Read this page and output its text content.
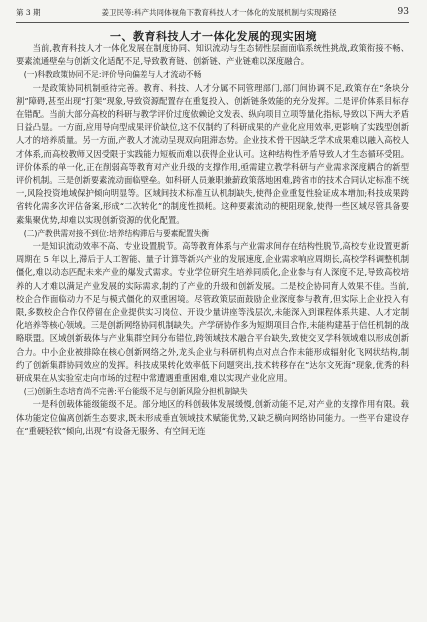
第 3 期	姜卫民等:科产共同体视角下教育科技人才一体化的发展机制与实现路径	93
一、教育科技人才一体化发展的现实困境

当前,教育科技人才一体化发展在制度协同、知识流动与生态韧性层面面临系统性挑战,政策衔接不畅、要素流通壁垒与创新文化适配不足,导致教育链、创新链、产业链难以深度融合。

(一)科教政策协同不足:评价导向偏差与人才流动不畅

一是政策协同机制亟待完善。教育、科技、人才分属不同管理部门,部门间协调不足,政策存在“条块分割”障碍,甚至出现“打架”现象,导致资源配置存在重复投入、创新链条效能的充分发挥。二是评价体系目标存在错配。当前大部分高校的科研与教学评价过度依赖论文发表、纵向项目立项等量化指标,导致以下两大矛盾日益凸显。一方面,应用导向型成果评价缺位,这不仅制约了科研成果的产业化应用效率,更影响了实践型创新人才的培养质量。另一方面,产教人才流动呈现双向阻滞态势。企业技术骨干因缺乏学术成果难以融入高校人才体系,而高校教师又因受限于实践能力短板而难以获得企业认可。这种结构性矛盾导致人才生态循环受阻。评价体系的单一化,正在削弱高等教育对产业升级的支撑作用,亟需建立教学科研与产业需求深度耦合的新型评价机制。三是创新要素流动面临壁垒。如科研人员兼职兼薪政策落地困难,跨省市的技术合同认定标准不统一,风险投资地域保护倾向明显等。区域间技术标准互认机制缺失,使得企业重复性验证成本增加;科技成果跨省转化需多次评估备案,形成“二次转化”的制度性损耗。这种要素流动的梗阻现象,使得一些区域尽管具备要素集聚优势,却难以实现创新资源的优化配置。

(二)产教供需对接不到位:培养结构滞后与要素配置失衡

一是知识流动效率不高、专业设置脱节。高等教育体系与产业需求间存在结构性脱节,高校专业设置更新周期在 5 年以上,滞后于人工智能、量子计算等新兴产业的发展速度,企业需求响应周期长,高校学科调整机制僵化,难以动态匹配未来产业的爆发式需求。专业学位研究生培养同质化,企业参与有人深度不足,导致高校培养的人才难以满足产业发展的实际需求,制约了产业的升级和创新发展。二是校企协同育人效果不佳。当前,校企合作面临动力不足与模式僵化的双重困境。尽管政策层面鼓励企业深度参与教育,但实际上企业投入有限,多数校企合作仅停留在企业提供实习岗位、开设少量讲座等浅层次,未能深入到课程体系共建、人才定制化培养等核心领域。三是创新网络协同机制缺失。产学研协作多为短期项目合作,未能构建基于信任机制的战略联盟。区域创新载体与产业集群空间分布错位,跨领域技术融合平台缺失,致使交叉学科领域难以形成创新合力。中小企业被排除在核心创新网络之外,龙头企业与科研机构点对点合作未能形成辐射化飞网状结构,制约了创新集群协同效应的发挥。科技成果转化效率低下问题突出,技术转移存在“达尔文死海”现象,优秀的科研成果在从实验室走向市场的过程中常遭遇重重困难,难以实现产业化应用。

(三)创新生态培育尚不完善:平台能级不足与创新风险分担机制缺失

一是科创载体能级能级不足。部分地区的科创载体发展缓慢,创新动能不足,对产业的支撑作用有限。载体功能定位偏离创新生态要求,既未形成垂直领域技术赋能优势,又缺乏横向网络协同能力。一些平台建设存在“重硬轻软”倾向,出现“有设备无服务、有空间无连
